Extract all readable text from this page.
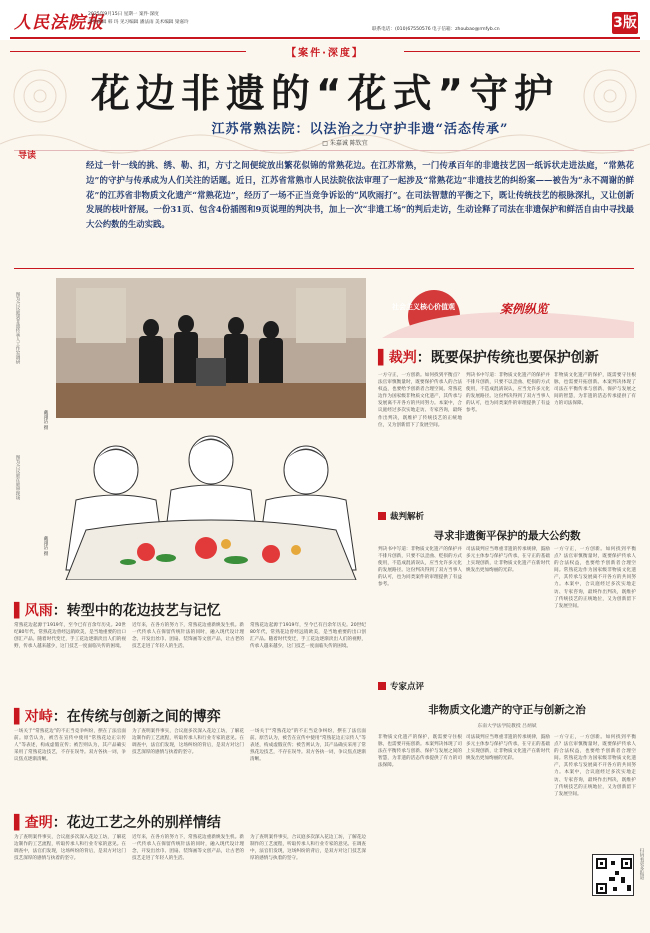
人民法院报
2025年9月15日 星期一 案件·深度
责任编辑 韩 玛 见习编辑 潘法雨 美术编辑 梁嘉玲
联系电话：(010)67550576 电子信箱：zhoubao@rmfyb.cn	3版
【案件·深度】
花边非遗的“花式”守护
江苏常熟法院：以法治之力守护非遗“活态传承”
□ 朱嘉诚 陈钦宜
导读
经过一针一线的挑、绣、勒、扣，方寸之间便绽放出繁花似锦的常熟花边。在江苏常熟，一门传承百年的非遗技艺因一纸诉状走进法庭，“常熟花边”的守护与传承成为人们关注的话题。近日，江苏省常熟市人民法院依法审理了一起涉及“常熟花边”非遗技艺的纠纷案——被告为“永不凋谢的鲜花”的江苏省非物质文化遗产“常熟花边”，经历了一场不正当竞争诉讼的“风吹雨打”。在司法智慧的平衡之下，既让传统技艺的根脉深扎，又让创新发展的枝叶舒展。一份31页、包含4份插图和9页说理的判决书，加上一次“非遗工场”的判后走访，生动诠释了司法在非遗保护和鲜活自由中寻找最大公约数的生动实践。
图为合议庭到非遗传承人工作室调研
戴翊洁 摄
图为合议庭在庭审现场
戴翊洁 摄
社会主义核心价值观	案例纵览
▌裁判：既要保护传统也要保护创新
一方守正，一方创新。如何找到平衡点？法官审慎衡量时，既要保护传承人的合法权益，也要给予创新者合理空间。常熟花边作为国家级非物质文化遗产，其传承与发展离不开各方的共同努力。本案中，合议庭经过多次实地走访、专家咨询，最终作出判决，既维护了传统技艺的正统地位，又为创新留下了发展空间。
判决书中写道：非物质文化遗产的保护并不排斥创新，只要不以歪曲、贬损的方式使用，不造成混淆误认，应当允许多元化的发展路径。这份判决得到了双方当事人的认可，也为同类案件的审理提供了有益参考。
非物质文化遗产的保护，既需要守住根脉，也需要开拓创新。本案判决体现了司法在平衡传承与创新、保护与发展之间的智慧，为非遗的活态传承提供了有力的司法保障。
裁判解析
寻求非遗衡平保护的最大公约数
判决书中写道：非物质文化遗产的保护并不排斥创新，只要不以歪曲、贬损的方式使用，不造成混淆误认，应当允许多元化的发展路径。这份判决得到了双方当事人的认可，也为同类案件的审理提供了有益参考。
司法裁判应当尊重非遗的传承规律，鼓励多元主体参与保护与传承，在守正的基础上实现创新，让非物质文化遗产在新时代焕发出更加绚丽的光彩。
一方守正，一方创新。如何找到平衡点？法官审慎衡量时，既要保护传承人的合法权益，也要给予创新者合理空间。常熟花边作为国家级非物质文化遗产，其传承与发展离不开各方的共同努力。本案中，合议庭经过多次实地走访、专家咨询，最终作出判决，既维护了传统技艺的正统地位，又为创新留下了发展空间。
专家点评
非物质文化遗产的守正与创新之治
东南大学法学院教授 吕炳斌
非物质文化遗产的保护，既需要守住根脉，也需要开拓创新。本案判决体现了司法在平衡传承与创新、保护与发展之间的智慧，为非遗的活态传承提供了有力的司法保障。
司法裁判应当尊重非遗的传承规律，鼓励多元主体参与保护与传承，在守正的基础上实现创新，让非物质文化遗产在新时代焕发出更加绚丽的光彩。
一方守正，一方创新。如何找到平衡点？法官审慎衡量时，既要保护传承人的合法权益，也要给予创新者合理空间。常熟花边作为国家级非物质文化遗产，其传承与发展离不开各方的共同努力。本案中，合议庭经过多次实地走访、专家咨询，最终作出判决，既维护了传统技艺的正统地位，又为创新留下了发展空间。
扫码看更多报道
▌风雨：转型中的花边技艺与记忆
常熟花边起源于1919年，至今已有百余年历史。20世纪80年代，常熟花边曾经远销欧美，是当地重要的出口创汇产品。随着时代变迁，手工花边逐渐淡出人们的视野，传承人越来越少，这门技艺一度面临失传的困境。
近年来，在各方的努力下，常熟花边重新焕发生机。新一代传承人在保留传统针法的同时，融入现代设计理念，开发出丝巾、团扇、装饰画等文创产品，让古老的技艺走进了年轻人的生活。
常熟花边起源于1919年，至今已有百余年历史。20世纪80年代，常熟花边曾经远销欧美，是当地重要的出口创汇产品。随着时代变迁，手工花边逐渐淡出人们的视野，传承人越来越少，这门技艺一度面临失传的困境。
▌对峙：在传统与创新之间的博弈
一场关于“常熟花边”的不正当竞争纠纷，摆在了法官面前。原告认为，被告在宣传中使用“常熟花边正宗传人”等表述，构成虚假宣传；被告则认为，其产品确实采用了常熟花边技艺，不存在误导。双方各执一词，争议焦点逐渐清晰。
为了查明案件事实，合议庭多次深入花边工坊，了解花边制作的工艺流程，听取传承人和行业专家的意见。在调查中，法官们发现，这场纠纷的背后，是双方对这门技艺深厚的感情与执着的坚守。
一场关于“常熟花边”的不正当竞争纠纷，摆在了法官面前。原告认为，被告在宣传中使用“常熟花边正宗传人”等表述，构成虚假宣传；被告则认为，其产品确实采用了常熟花边技艺，不存在误导。双方各执一词，争议焦点逐渐清晰。
▌查明：花边工艺之外的别样情结
为了查明案件事实，合议庭多次深入花边工坊，了解花边制作的工艺流程，听取传承人和行业专家的意见。在调查中，法官们发现，这场纠纷的背后，是双方对这门技艺深厚的感情与执着的坚守。
近年来，在各方的努力下，常熟花边重新焕发生机。新一代传承人在保留传统针法的同时，融入现代设计理念，开发出丝巾、团扇、装饰画等文创产品，让古老的技艺走进了年轻人的生活。
为了查明案件事实，合议庭多次深入花边工坊，了解花边制作的工艺流程，听取传承人和行业专家的意见。在调查中，法官们发现，这场纠纷的背后，是双方对这门技艺深厚的感情与执着的坚守。
